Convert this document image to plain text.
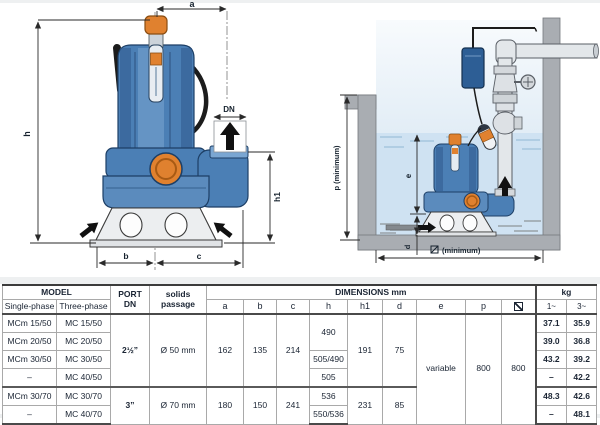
a
h
DN
h1
b	c
p (minimum)	e
d	(minimum)
MODEL		PORT
DN	solids
passage	DIMENSIONS mm									kg	
Single-phase	Three-phase			a	b	c	h	h1	d	e	p		1~	3~
MCm 15/50	MC 15/50	2½”	Ø 50 mm	162	135	214	490	191	75	variable	800	800	37.1	35.9
MCm 20/50	MC 20/50												39.0	36.8
MCm 30/50	MC 30/50						505/490						43.2	39.2
–	MC 40/50						505						–	42.2
MCm 30/70	MC 30/70	3”	Ø 70 mm	180	150	241	536	231	85				48.3	42.6
–	MC 40/70						550/536						–	48.1
